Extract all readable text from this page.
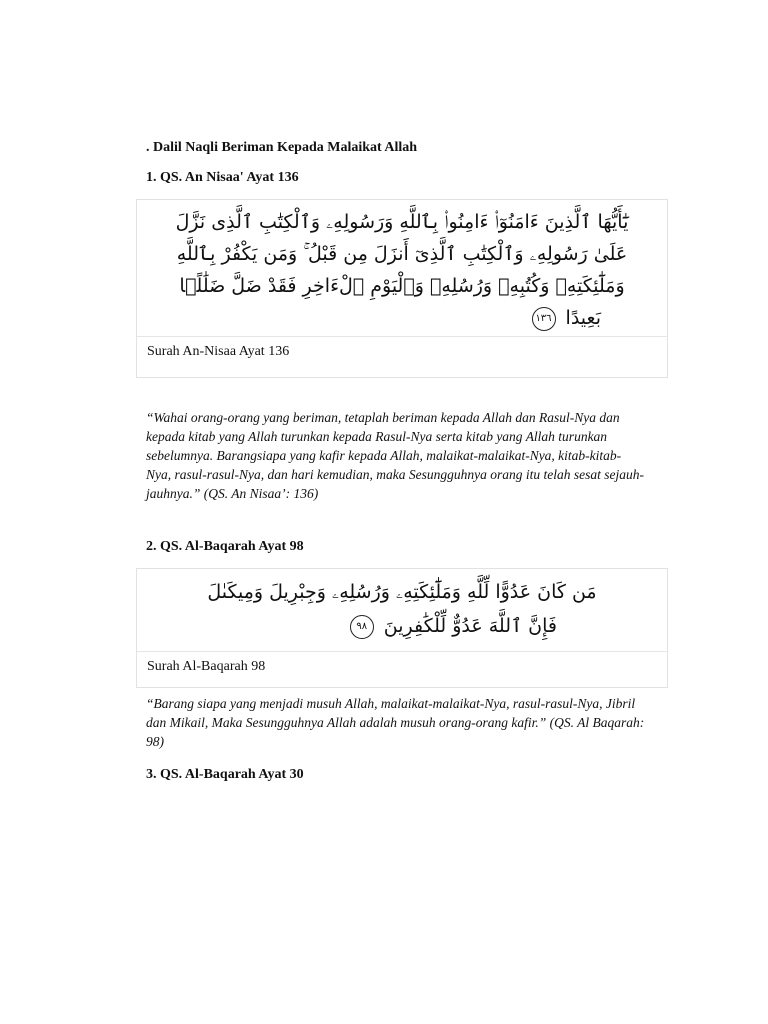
. Dalil Naqli Beriman Kepada Malaikat Allah
1. QS. An Nisaa' Ayat 136
يَٰٓأَيُّهَا ٱلَّذِينَ ءَامَنُوٓا۟ ءَامِنُوا۟ بِٱللَّهِ وَرَسُولِهِۦ وَٱلْكِتَٰبِ ٱلَّذِى نَزَّلَ
عَلَىٰ رَسُولِهِۦ وَٱلْكِتَٰبِ ٱلَّذِىٓ أَنزَلَ مِن قَبْلُ ۚ وَمَن يَكْفُرْ بِٱللَّهِ
وَمَلَٰٓئِكَتِهِۦ وَكُتُبِهِۦ وَرُسُلِهِۦ وَٱلْيَوْمِ ٱلْءَاخِرِ فَقَدْ ضَلَّ ضَلَٰلًۢا
بَعِيدًا ١٣٦
Surah An-Nisaa Ayat 136

“Wahai orang-orang yang beriman, tetaplah beriman kepada Allah dan Rasul-Nya dan kepada kitab yang Allah turunkan kepada Rasul-Nya serta kitab yang Allah turunkan sebelumnya. Barangsiapa yang kafir kepada Allah, malaikat-malaikat-Nya, kitab-kitab-Nya, rasul-rasul-Nya, dan hari kemudian, maka Sesungguhnya orang itu telah sesat sejauh-jauhnya.” (QS. An Nisaa’: 136)

2. QS. Al-Baqarah Ayat 98
مَن كَانَ عَدُوًّا لِّلَّهِ وَمَلَٰٓئِكَتِهِۦ وَرُسُلِهِۦ وَجِبْرِيلَ وَمِيكَىٰلَ
فَإِنَّ ٱللَّهَ عَدُوٌّ لِّلْكَٰفِرِينَ ٩٨
Surah Al-Baqarah 98

“Barang siapa yang menjadi musuh Allah, malaikat-malaikat-Nya, rasul-rasul-Nya, Jibril dan Mikail, Maka Sesungguhnya Allah adalah musuh orang-orang kafir.” (QS. Al Baqarah: 98)

3. QS. Al-Baqarah Ayat 30
